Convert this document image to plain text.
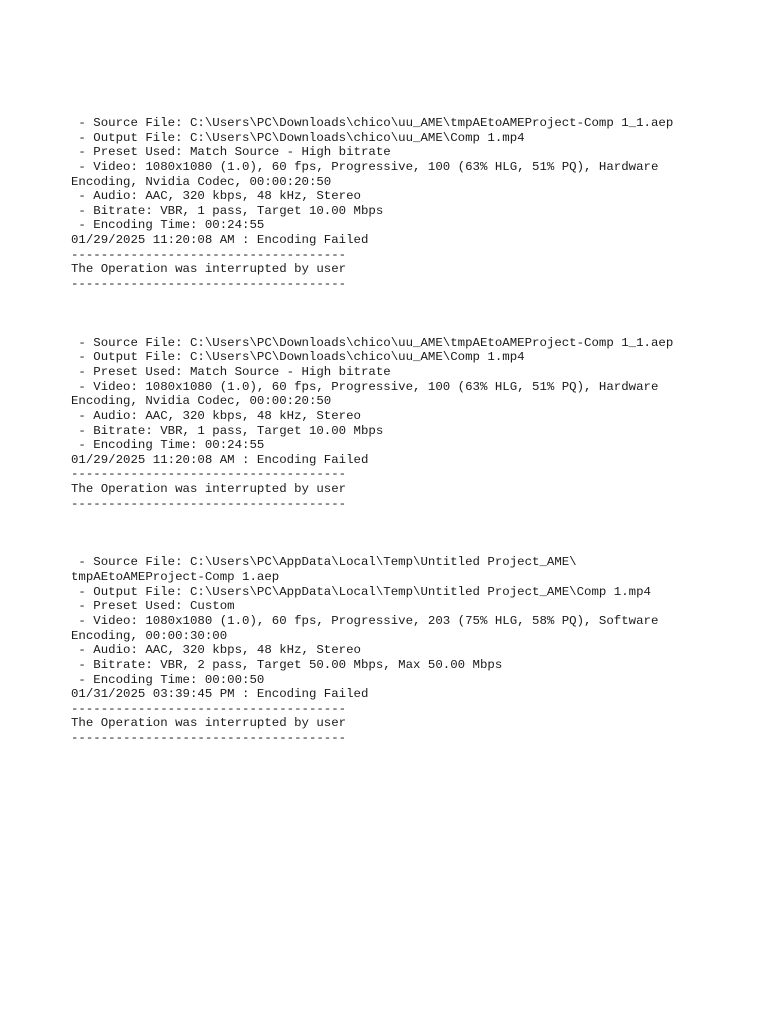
- Source File: C:\Users\PC\Downloads\chico\uu_AME\tmpAEtoAMEProject-Comp 1_1.aep
- Output File: C:\Users\PC\Downloads\chico\uu_AME\Comp 1.mp4
- Preset Used: Match Source - High bitrate
- Video: 1080x1080 (1.0), 60 fps, Progressive, 100 (63% HLG, 51% PQ), Hardware
Encoding, Nvidia Codec, 00:00:20:50
- Audio: AAC, 320 kbps, 48 kHz, Stereo
- Bitrate: VBR, 1 pass, Target 10.00 Mbps
- Encoding Time: 00:24:55
01/29/2025 11:20:08 AM : Encoding Failed
-------------------------------------
The Operation was interrupted by user
-------------------------------------
- Source File: C:\Users\PC\Downloads\chico\uu_AME\tmpAEtoAMEProject-Comp 1_1.aep
- Output File: C:\Users\PC\Downloads\chico\uu_AME\Comp 1.mp4
- Preset Used: Match Source - High bitrate
- Video: 1080x1080 (1.0), 60 fps, Progressive, 100 (63% HLG, 51% PQ), Hardware
Encoding, Nvidia Codec, 00:00:20:50
- Audio: AAC, 320 kbps, 48 kHz, Stereo
- Bitrate: VBR, 1 pass, Target 10.00 Mbps
- Encoding Time: 00:24:55
01/29/2025 11:20:08 AM : Encoding Failed
-------------------------------------
The Operation was interrupted by user
-------------------------------------
- Source File: C:\Users\PC\AppData\Local\Temp\Untitled Project_AME\
tmpAEtoAMEProject-Comp 1.aep
- Output File: C:\Users\PC\AppData\Local\Temp\Untitled Project_AME\Comp 1.mp4
- Preset Used: Custom
- Video: 1080x1080 (1.0), 60 fps, Progressive, 203 (75% HLG, 58% PQ), Software
Encoding, 00:00:30:00
- Audio: AAC, 320 kbps, 48 kHz, Stereo
- Bitrate: VBR, 2 pass, Target 50.00 Mbps, Max 50.00 Mbps
- Encoding Time: 00:00:50
01/31/2025 03:39:45 PM : Encoding Failed
-------------------------------------
The Operation was interrupted by user
-------------------------------------
